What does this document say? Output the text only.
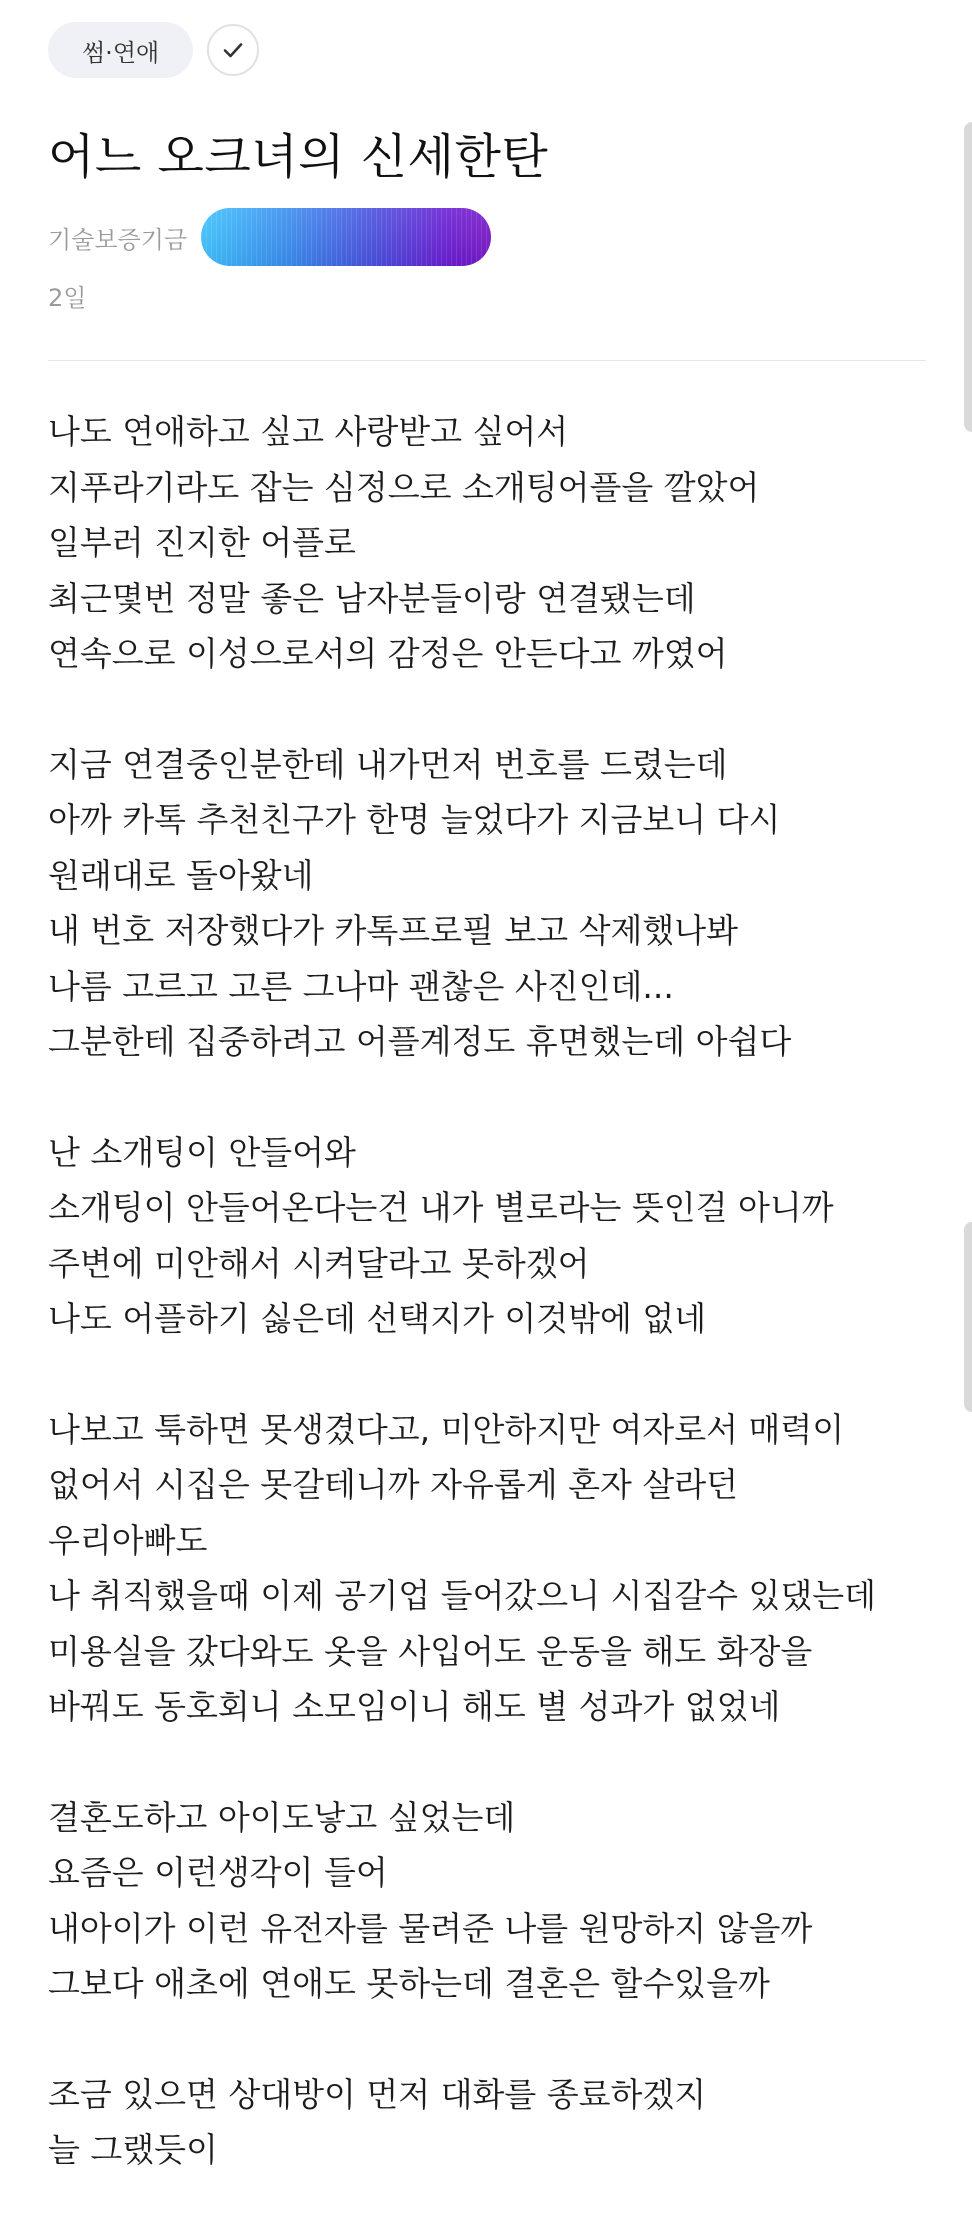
썸·연애
어느 오크녀의 신세한탄
기술보증기금
2일
나도 연애하고 싶고 사랑받고 싶어서
지푸라기라도 잡는 심정으로 소개팅어플을 깔았어
일부러 진지한 어플로
최근몇번 정말 좋은 남자분들이랑 연결됐는데
연속으로 이성으로서의 감정은 안든다고 까였어
지금 연결중인분한테 내가먼저 번호를 드렸는데
아까 카톡 추천친구가 한명 늘었다가 지금보니 다시
원래대로 돌아왔네
내 번호 저장했다가 카톡프로필 보고 삭제했나봐
나름 고르고 고른 그나마 괜찮은 사진인데...
그분한테 집중하려고 어플계정도 휴면했는데 아쉽다
난 소개팅이 안들어와
소개팅이 안들어온다는건 내가 별로라는 뜻인걸 아니까
주변에 미안해서 시켜달라고 못하겠어
나도 어플하기 싫은데 선택지가 이것밖에 없네
나보고 툭하면 못생겼다고, 미안하지만 여자로서 매력이
없어서 시집은 못갈테니까 자유롭게 혼자 살라던
우리아빠도
나 취직했을때 이제 공기업 들어갔으니 시집갈수 있댔는데
미용실을 갔다와도 옷을 사입어도 운동을 해도 화장을
바꿔도 동호회니 소모임이니 해도 별 성과가 없었네
결혼도하고 아이도낳고 싶었는데
요즘은 이런생각이 들어
내아이가 이런 유전자를 물려준 나를 원망하지 않을까
그보다 애초에 연애도 못하는데 결혼은 할수있을까
조금 있으면 상대방이 먼저 대화를 종료하겠지
늘 그랬듯이
